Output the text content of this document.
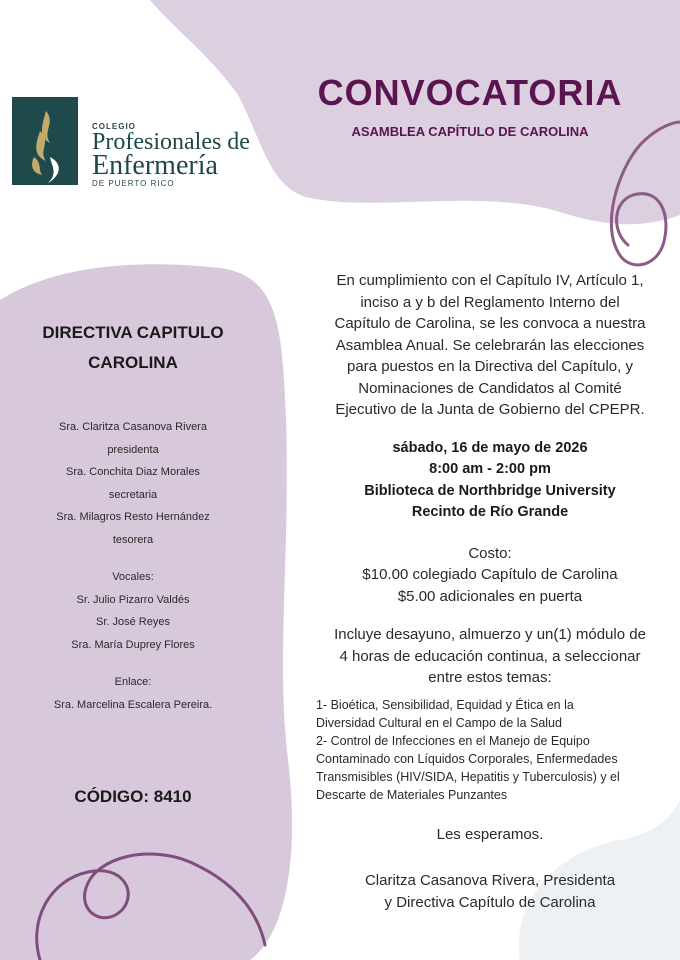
COLEGIO
Profesionales de
Enfermería
DE PUERTO RICO
CONVOCATORIA
ASAMBLEA CAPÍTULO DE CAROLINA
DIRECTIVA CAPITULO
CAROLINA
Sra. Claritza Casanova Rivera
presidenta
Sra. Conchita Diaz Morales
secretaria
Sra. Milagros Resto Hernández
tesorera
Vocales:
Sr. Julio Pizarro Valdés
Sr. José Reyes
Sra. María Duprey Flores
Enlace:
Sra. Marcelina Escalera Pereira.
CÓDIGO: 8410

En cumplimiento con el Capítulo IV, Artículo 1,
inciso a y b del Reglamento Interno del
Capítulo de Carolina, se les convoca a nuestra
Asamblea Anual. Se celebrarán las elecciones
para puestos en la Directiva del Capítulo, y
Nominaciones de Candidatos al Comité
Ejecutivo de la Junta de Gobierno del CPEPR.

sábado, 16 de mayo de 2026
8:00 am - 2:00 pm
Biblioteca de Northbridge University
Recinto de Río Grande

Costo:
$10.00 colegiado Capítulo de Carolina
$5.00 adicionales en puerta

Incluye desayuno, almuerzo y un(1) módulo de
4 horas de educación continua, a seleccionar
entre estos temas:

1- Bioética, Sensibilidad, Equidad y Ética en la

Diversidad Cultural en el Campo de la Salud

2- Control de Infecciones en el Manejo de Equipo

Contaminado con Líquidos Corporales, Enfermedades

Transmisibles (HIV/SIDA, Hepatitis y Tuberculosis) y el

Descarte de Materiales Punzantes

Les esperamos.
Claritza Casanova Rivera, Presidenta
y Directiva Capítulo de Carolina
